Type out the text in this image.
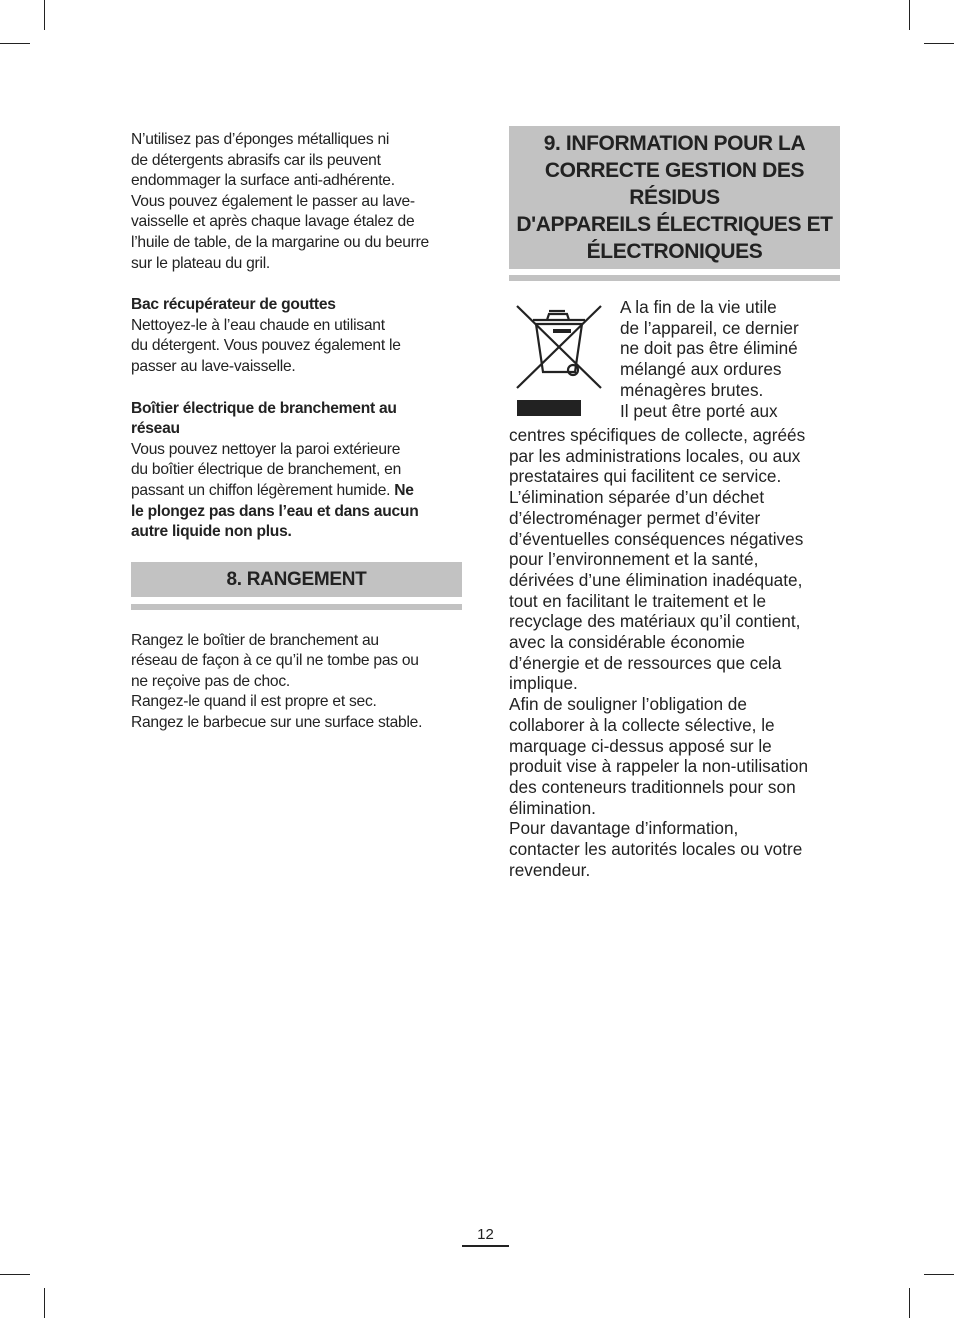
N’utilisez pas d’éponges métalliques ni

de détergents abrasifs car ils peuvent

endommager la surface anti-adhérente.

Vous pouvez également le passer au lave-

vaisselle et après chaque lavage étalez de

l’huile de table, de la margarine ou du beurre

sur le plateau du gril.

Bac récupérateur de gouttes

Nettoyez-le à l’eau chaude en utilisant

du détergent. Vous pouvez également le

passer au lave-vaisselle.

Boîtier électrique de branchement au

réseau

Vous pouvez nettoyer la paroi extérieure

du boîtier électrique de branchement, en

passant un chiffon légèrement humide. Ne

le plongez pas dans l’eau et dans aucun

autre liquide non plus.

8. RANGEMENT

Rangez le boîtier de branchement au

réseau de façon à ce qu’il ne tombe pas ou

ne reçoive pas de choc.

Rangez-le quand il est propre et sec.

Rangez le barbecue sur une surface stable.

9. INFORMATION POUR LA
CORRECTE GESTION DES RÉSIDUS
D'APPAREILS ÉLECTRIQUES ET
ÉLECTRONIQUES
A la fin de la vie utile
de l’appareil, ce dernier
ne doit pas être éliminé
mélangé aux ordures
ménagères brutes.
Il peut être porté aux
centres spécifiques de collecte, agréés
par les administrations locales, ou aux
prestataires qui facilitent ce service.
L’élimination séparée d’un déchet
d’électroménager permet d’éviter
d’éventuelles conséquences négatives
pour l’environnement et la santé,
dérivées d’une élimination inadéquate,
tout en facilitant le traitement et le
recyclage des matériaux qu’il contient,
avec la considérable économie
d’énergie et de ressources que cela
implique.
Afin de souligner l’obligation de
collaborer à la collecte sélective, le
marquage ci-dessus apposé sur le
produit vise à rappeler la non-utilisation
des conteneurs traditionnels pour son
élimination.
Pour davantage d’information,
contacter les autorités locales ou votre
revendeur.
12
